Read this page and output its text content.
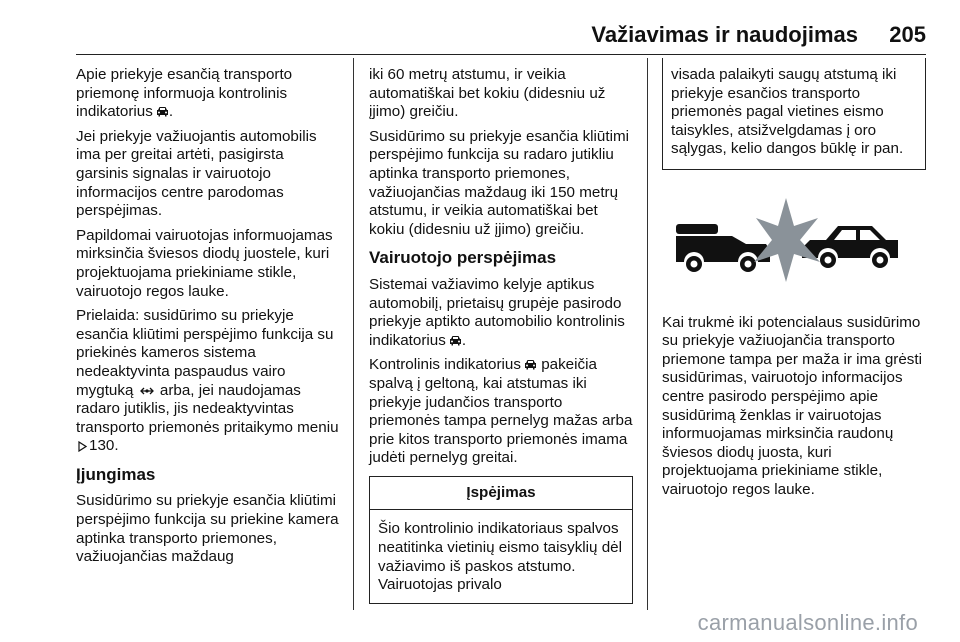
Važiavimas ir naudojimas 205

Apie priekyje esančią transporto priemonę informuoja kontrolinis indikatorius .

Jei priekyje važiuojantis automobilis ima per greitai artėti, pasigirsta garsinis signalas ir vairuotojo informacijos centre parodomas perspėjimas.

Papildomai vairuotojas informuojamas mirksinčia šviesos diodų juostele, kuri projektuojama priekiniame stikle, vairuotojo regos lauke.

Prielaida: susidūrimo su priekyje esančia kliūtimi perspėjimo funkcija su priekinės kameros sistema nedeaktyvinta paspaudus vairo mygtuką arba, jei naudojamas radaro jutiklis, jis nedeaktyvintas transporto priemonės pritaikymo meniu 130.

Įjungimas

Susidūrimo su priekyje esančia kliūtimi perspėjimo funkcija su priekine kamera aptinka transporto priemones, važiuojančias maždaug

iki 60 metrų atstumu, ir veikia automatiškai bet kokiu (didesniu už įjimo) greičiu.

Susidūrimo su priekyje esančia kliūtimi perspėjimo funkcija su radaro jutikliu aptinka transporto priemones, važiuojančias maždaug iki 150 metrų atstumu, ir veikia automatiškai bet kokiu (didesniu už įjimo) greičiu.

Vairuotojo perspėjimas

Sistemai važiavimo kelyje aptikus automobilį, prietaisų grupėje pasirodo priekyje aptikto automobilio kontrolinis indikatorius .

Kontrolinis indikatorius pakeičia spalvą į geltoną, kai atstumas iki priekyje judančios transporto priemonės tampa pernelyg mažas arba prie kitos transporto priemonės imama judėti pernelyg greitai.

Įspėjimas
Šio kontrolinio indikatoriaus spalvos neatitinka vietinių eismo taisyklių dėl važiavimo iš paskos atstumo. Vairuotojas privalo
visada palaikyti saugų atstumą iki priekyje esančios transporto priemonės pagal vietines eismo taisykles, atsižvelgdamas į oro sąlygas, kelio dangos būklę ir pan.

Kai trukmė iki potencialaus susidūrimo su priekyje važiuojančia transporto priemone tampa per maža ir ima grėsti susidūrimas, vairuotojo informacijos centre pasirodo perspėjimo apie susidūrimą ženklas ir vairuotojas informuojamas mirksinčia raudonų šviesos diodų juosta, kuri projektuojama priekiniame stikle, vairuotojo regos lauke.

carmanualsonline.info
